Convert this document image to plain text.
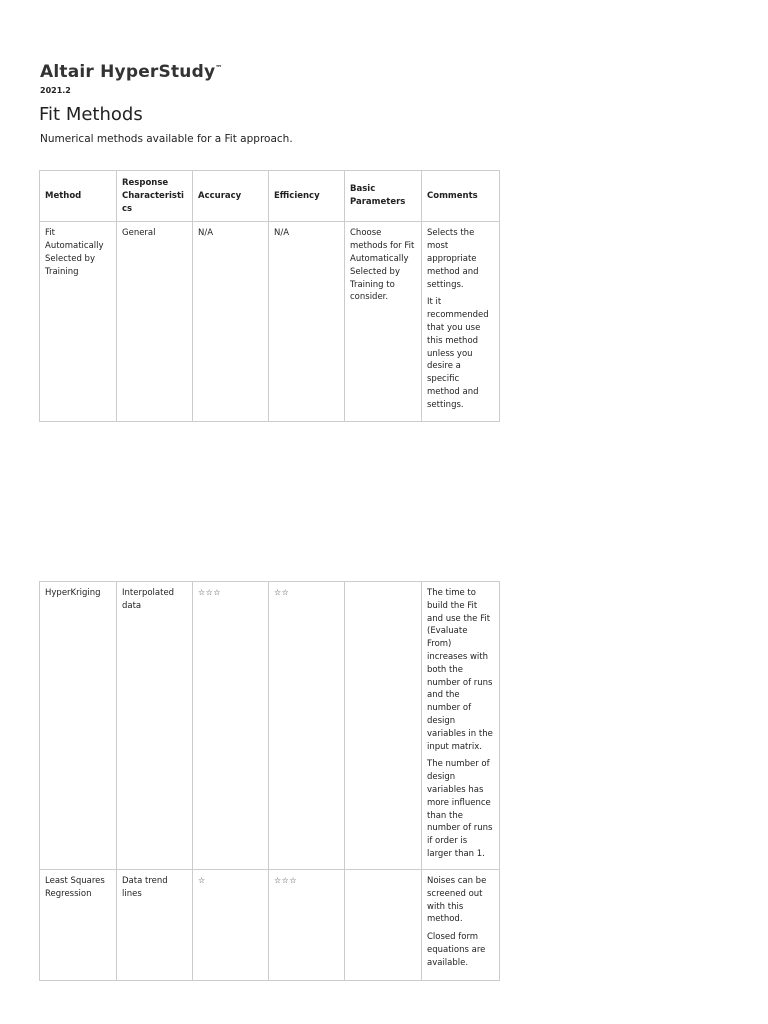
Altair HyperStudy™
2021.2
Fit Methods

Numerical methods available for a Fit approach.

Method	Response Characteristics	Accuracy	Efficiency	Basic Parameters	Comments
Fit Automatically Selected by Training	General	N/A	N/A	Choose methods for Fit Automatically Selected by Training to consider.	Selects the most appropriate method and settings.

It it recommended that you use this method unless you desire a specific method and settings.

HyperKriging	Interpolated data	☆☆☆	☆☆		The time to build the Fit and use the Fit (Evaluate From) increases with both the number of runs and the number of design variables in the input matrix.

The number of design variables has more influence than the number of runs if order is larger than 1.

Least Squares Regression	Data trend lines	☆	☆☆☆		Noises can be screened out with this method.

Closed form equations are available.
